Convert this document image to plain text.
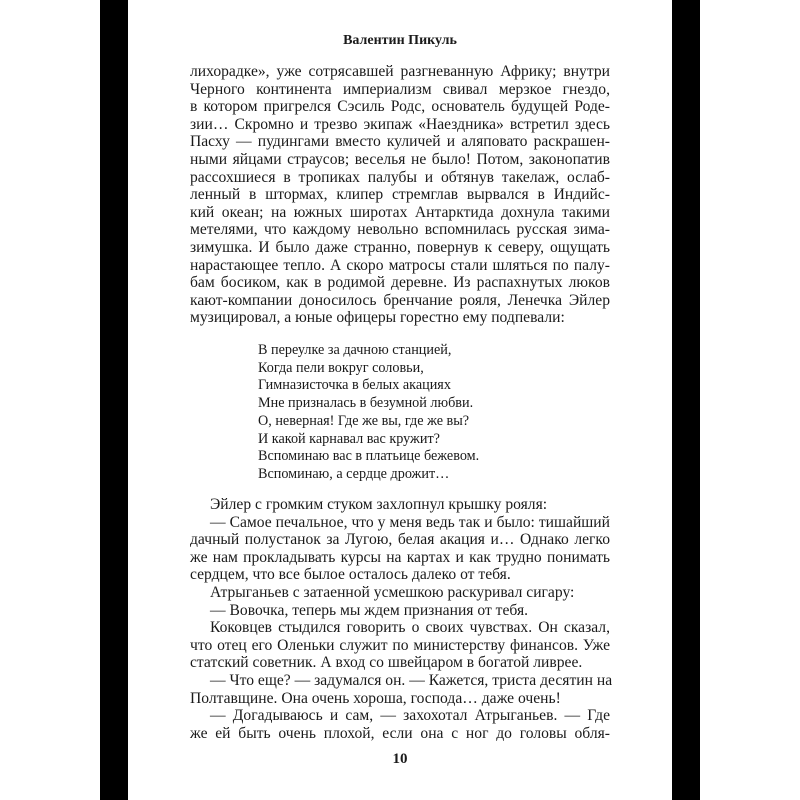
Валентин Пикуль
лихорадке», уже сотрясавшей разгневанную Африку; внутри
Черного континента империализм свивал мерзкое гнездо,
в котором пригрелся Сэсиль Родс, основатель будущей Роде-
зии… Скромно и трезво экипаж «Наездника» встретил здесь
Пасху — пудингами вместо куличей и аляповато раскрашен-
ными яйцами страусов; веселья не было! Потом, законопатив
рассохшиеся в тропиках палубы и обтянув такелаж, ослаб-
ленный в штормах, клипер стремглав вырвался в Индийс-
кий океан; на южных широтах Антарктида дохнула такими
метелями, что каждому невольно вспомнилась русская зима-
зимушка. И было даже странно, повернув к северу, ощущать
нарастающее тепло. А скоро матросы стали шляться по палу-
бам босиком, как в родимой деревне. Из распахнутых люков
кают-компании доносилось бренчание рояля, Ленечка Эйлер
музицировал, а юные офицеры горестно ему подпевали:
В переулке за дачною станцией,
Когда пели вокруг соловьи,
Гимназисточка в белых акациях
Мне призналась в безумной любви.
О, неверная! Где же вы, где же вы?
И какой карнавал вас кружит?
Вспоминаю вас в платьице бежевом.
Вспоминаю, а сердце дрожит…
Эйлер с громким стуком захлопнул крышку рояля:
— Самое печальное, что у меня ведь так и было: тишайший
дачный полустанок за Лугою, белая акация и… Однако легко
же нам прокладывать курсы на картах и как трудно понимать
сердцем, что все былое осталось далеко от тебя.
Атрыганьев с затаенной усмешкою раскуривал сигару:
— Вовочка, теперь мы ждем признания от тебя.
Коковцев стыдился говорить о своих чувствах. Он сказал,
что отец его Оленьки служит по министерству финансов. Уже
статский советник. А вход со швейцаром в богатой ливрее.
— Что еще? — задумался он. — Кажется, триста десятин на
Полтавщине. Она очень хороша, господа… даже очень!
— Догадываюсь и сам, — захохотал Атрыганьев. — Где
же ей быть очень плохой, если она с ног до головы обля-
10
